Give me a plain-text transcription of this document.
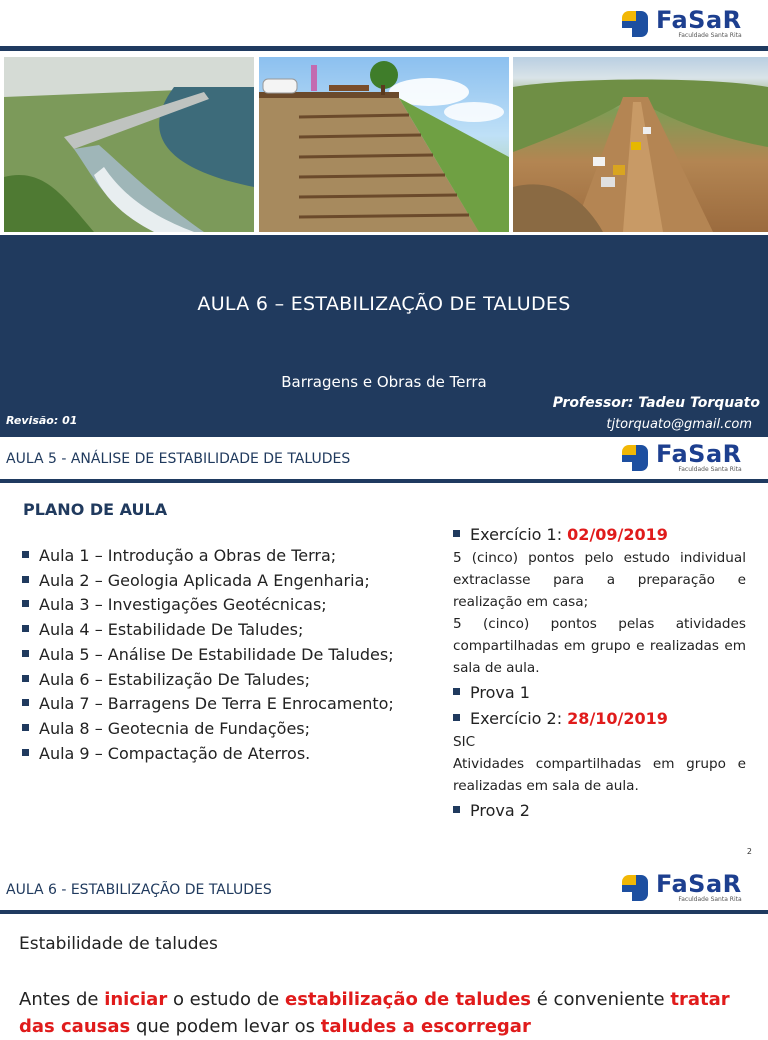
FaSaR
Faculdade Santa Rita
AULA 6 – ESTABILIZAÇÃO DE TALUDES
Barragens e Obras de Terra
Revisão: 01
Professor: Tadeu Torquato
tjtorquato@gmail.com
AULA 5 - ANÁLISE DE ESTABILIDADE DE TALUDES	FaSaR
Faculdade Santa Rita
PLANO DE AULA
Aula 1 – Introdução a Obras de Terra;
Aula 2 – Geologia Aplicada A Engenharia;
Aula 3 – Investigações Geotécnicas;
Aula 4 – Estabilidade De Taludes;
Aula 5 – Análise De Estabilidade De Taludes;
Aula 6 – Estabilização De Taludes;
Aula 7 – Barragens De Terra E Enrocamento;
Aula 8 – Geotecnia de Fundações;
Aula 9 – Compactação de Aterros.
Exercício 1: 02/09/2019
5 (cinco) pontos pelo estudo individual extraclasse para a preparação e realização em casa;
5 (cinco) pontos pelas atividades compartilhadas em grupo e realizadas em sala de aula.
Prova 1
Exercício 2: 28/10/2019
SIC
Atividades compartilhadas em grupo e realizadas em sala de aula.
Prova 2
2
AULA 6 - ESTABILIZAÇÃO DE TALUDES	FaSaR
Faculdade Santa Rita
Estabilidade de taludes
Antes de iniciar o estudo de estabilização de taludes é conveniente tratar das causas que podem levar os taludes a escorregar
